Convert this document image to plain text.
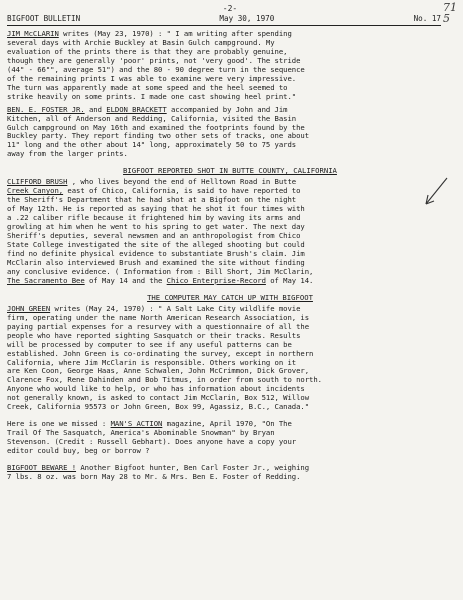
71
5
-2-
BIGFOOT BULLETIN	May 30, 1970	No. 17
JIM McCLARIN writes (May 23, 1970) : " I am writing after spending
several days with Archie Buckley at Basin Gulch campground. My
evaluation of the prints there is that they are probably genuine,
though they are generally 'poor' prints, not 'very good'. The stride
(44" - 66"", average 51") and the 80 - 90 degree turn in the sequence
of the remaining prints I was able to examine were very impressive.
The turn was apparently made at some speed and the heel seemed to
strike heavily on some prints. I made one cast showing heel print."
BEN. E. FOSTER JR. and ELDON BRACKETT accompanied by John and Jim
Kitchen, all of Anderson and Redding, California, visited the Basin
Gulch campground on May 16th and examined the footprints found by the
Buckley party. They report finding two other sets of tracks, one about
11" long and the other about 14" long, approximately 50 to 75 yards
away from the larger prints.
BIGFOOT REPORTED SHOT IN BUTTE COUNTY, CALIFORNIA
CLIFFORD BRUSH , who lives beyond the end of Helltown Road in Butte
Creek Canyon, east of Chico, California, is said to have reported to
the Sheriff's Department that he had shot at a Bigfoot on the night
of May 12th. He is reported as saying that he shot it four times with
a .22 caliber rifle because it frightened him by waving its arms and
growling at him when he went to his spring to get water. The next day
Sheriff's deputies, several newsmen and an anthropologist from Chico
State College investigated the site of the alleged shooting but could
find no definite physical evidence to substantiate Brush's claim. Jim
McClarin also interviewed Brush and examined the site without finding
any conclusive evidence. ( Information from : Bill Short, Jim McClarin,
The Sacramento Bee of May 14 and the Chico Enterprise-Record of May 14.
THE COMPUTER MAY CATCH UP WITH BIGFOOT
JOHN GREEN writes (May 24, 1970) : " A Salt Lake City wildlife movie
firm, operating under the name North American Research Association, is
paying partial expenses for a resurvey with a questionnaire of all the
people who have reported sighting Sasquatch or their tracks. Results
will be processed by computer to see if any useful patterns can be
established. John Green is co-ordinating the survey, except in northern
California, where Jim McClarin is responsible. Others working on it
are Ken Coon, George Haas, Anne Schwalen, John McCrimmon, Dick Grover,
Clarence Fox, Rene Dahinden and Bob Titmus, in order from south to north.
Anyone who would like to help, or who has information about incidents
not generally known, is asked to contact Jim McClarin, Box 512, Willow
Creek, California 95573 or John Green, Box 99, Agassiz, B.C., Canada."
Here is one we missed : MAN'S ACTION magazine, April 1970, "On The
Trail Of The Sasquatch, America's Abominable Snowman" by Bryan
Stevenson. (Credit : Russell Gebhart). Does anyone have a copy your
editor could buy, beg or borrow ?
BIGFOOT BEWARE ! Another Bigfoot hunter, Ben Carl Foster Jr., weighing
7 lbs. 8 oz. was born May 28 to Mr. & Mrs. Ben E. Foster of Redding.
